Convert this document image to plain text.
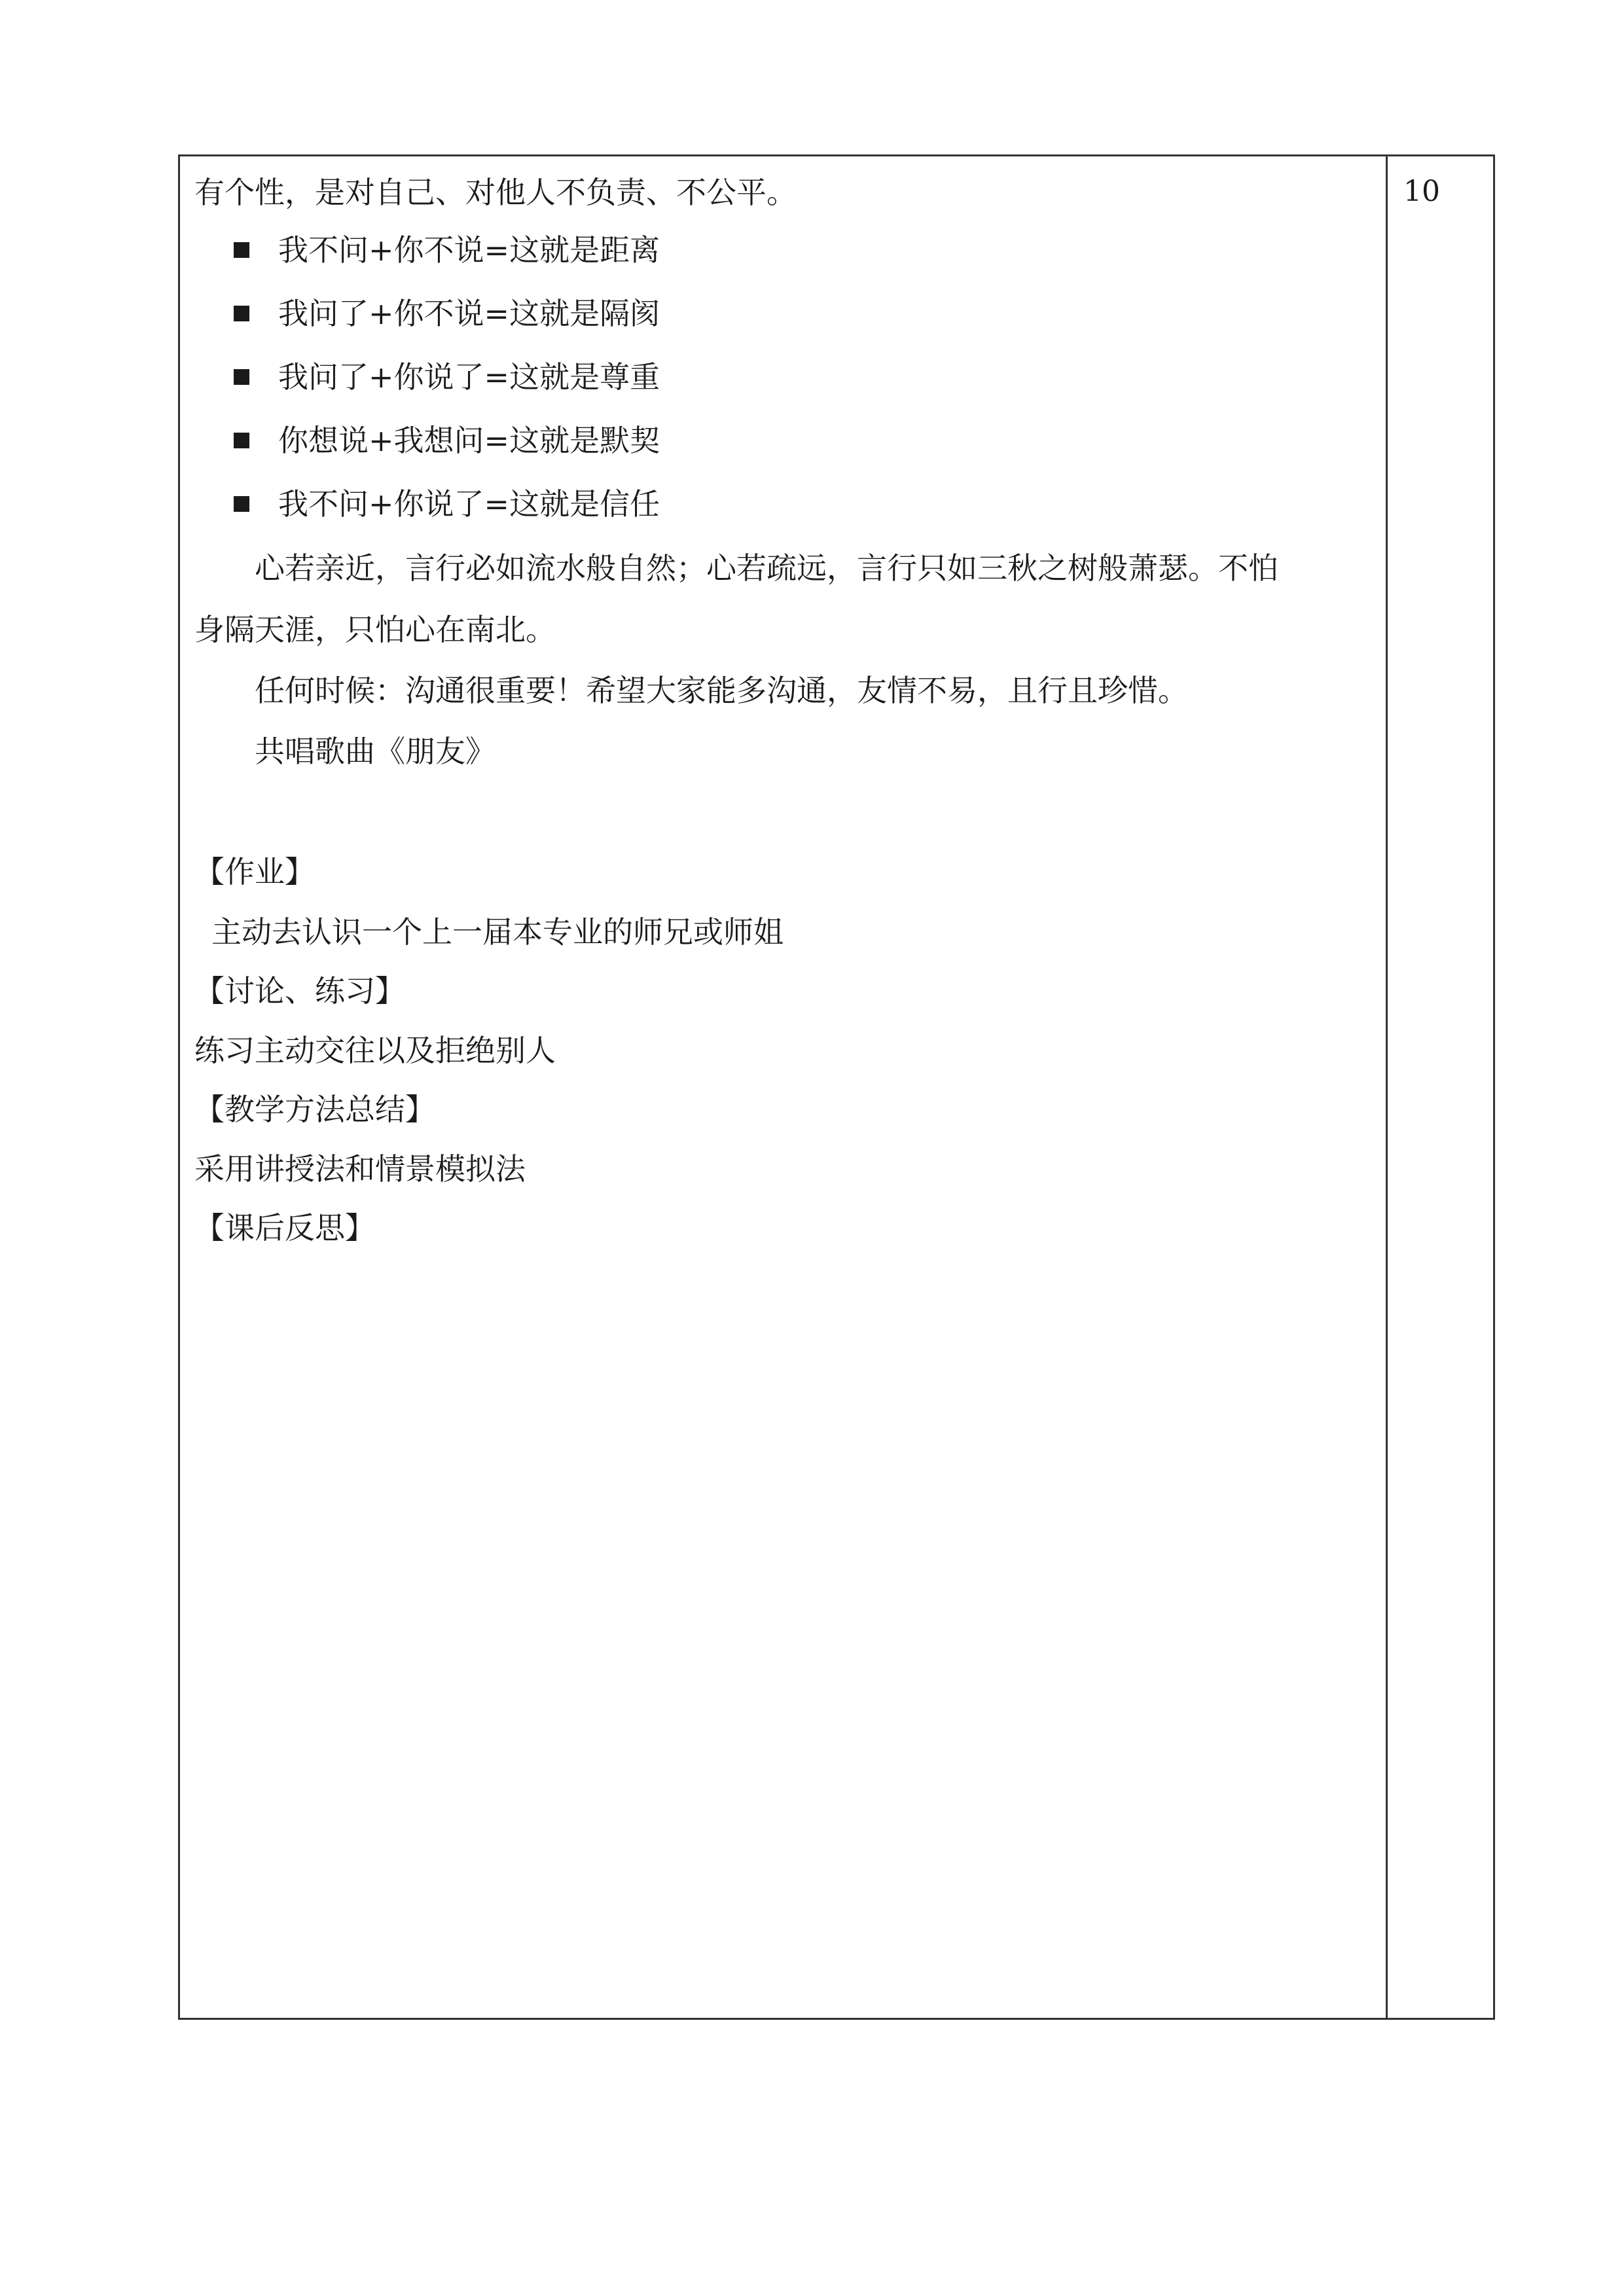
有个性，是对自己、对他人不负责、不公平。
我不问+你不说=这就是距离
我问了+你不说=这就是隔阂
我问了+你说了=这就是尊重
你想说+我想问=这就是默契
我不问+你说了=这就是信任
心若亲近，言行必如流水般自然；心若疏远，言行只如三秋之树般萧瑟。不怕
身隔天涯，只怕心在南北。
任何时候：沟通很重要！希望大家能多沟通，友情不易，且行且珍惜。
共唱歌曲《朋友》
【作业】
主动去认识一个上一届本专业的师兄或师姐
【讨论、练习】
练习主动交往以及拒绝别人
【教学方法总结】
采用讲授法和情景模拟法
【课后反思】
10
